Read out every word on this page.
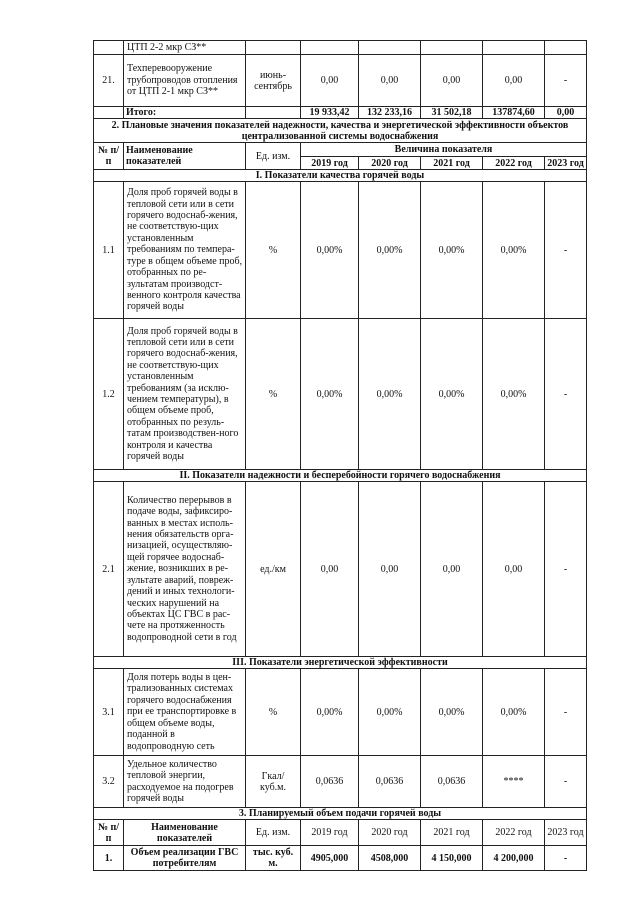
	ЦТП 2-2 мкр СЗ**						
21.	Техперевооружение трубопроводов отопления от ЦТП 2-1 мкр СЗ**	июнь-сентябрь	0,00	0,00	0,00	0,00	-
	Итого:		19 933,42	132 233,16	31 502,18	137874,60	0,00
2. Плановые значения показателей надежности, качества и энергетической эффективности объектов централизованной системы водоснабжения							
№ п/п	Наименование показателей	Ед. изм.	Величина показателя				
			2019 год	2020 год	2021 год	2022 год	2023 год
I. Показатели качества горячей воды							
1.1	Доля проб горячей воды в тепловой сети или в сети горячего водоснаб-жения, не соответствую-щих установленным требованиям по темпера-туре в общем объеме проб, отобранных по ре-зультатам производст-венного контроля качества горячей воды	%	0,00%	0,00%	0,00%	0,00%	-
1.2	Доля проб горячей воды в тепловой сети или в сети горячего водоснаб-жения, не соответствую-щих установленным требованиям (за исклю-чением температуры), в общем объеме проб, отобранных по резуль-татам производствен-ного контроля и качества горячей воды	%	0,00%	0,00%	0,00%	0,00%	-
II. Показатели надежности и бесперебойности горячего водоснабжения							
2.1	Количество перерывов в подаче воды, зафиксиро-ванных в местах исполь-нения обязательств орга-низацией, осуществляю-щей горячее водоснаб-жение, возникших в ре-зультате аварий, повреж-дений и иных технологи-ческих нарушений на объектах ЦС ГВС в рас-чете на протяженность водопроводной сети в год	ед./км	0,00	0,00	0,00	0,00	-
III. Показатели энергетической эффективности							
3.1	Доля потерь воды в цен-трализованных системах горячего водоснабжения при ее транспортировке в общем объеме воды, поданной в водопроводную сеть	%	0,00%	0,00%	0,00%	0,00%	-
3.2	Удельное количество тепловой энергии, расходуемое на подогрев горячей воды	Гкал/ куб.м.	0,0636	0,0636	0,0636	****	-
3. Планируемый объем подачи горячей воды							
№ п/п	Наименование показателей	Ед. изм.	2019 год	2020 год	2021 год	2022 год	2023 год
1.	Объем реализации ГВС потребителям	тыс. куб. м.	4905,000	4508,000	4 150,000	4 200,000	-
